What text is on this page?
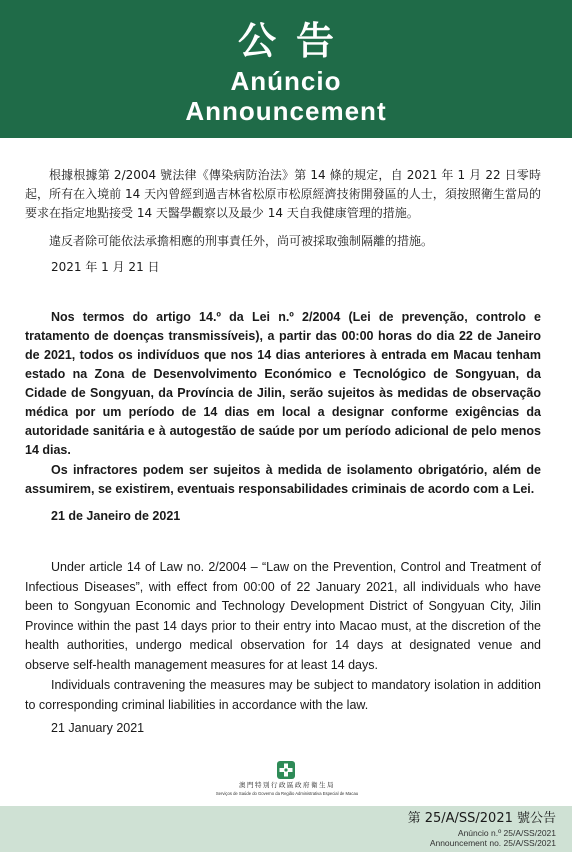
公告
Anúncio
Announcement

根據根據第 2/2004 號法律《傳染病防治法》第 14 條的規定，自 2021 年 1 月 22 日零時起，所有在入境前 14 天內曾經到過吉林省松原市松原經濟技術開發區的人士，須按照衛生當局的要求在指定地點接受 14 天醫學觀察以及最少 14 天自我健康管理的措施。

違反者除可能依法承擔相應的刑事責任外，尚可被採取強制隔離的措施。

2021 年 1 月 21 日

Nos termos do artigo 14.º da Lei n.º 2/2004 (Lei de prevenção, controlo e tratamento de doenças transmissíveis), a partir das 00:00 horas do dia 22 de Janeiro de 2021, todos os indivíduos que nos 14 dias anteriores à entrada em Macau tenham estado na Zona de Desenvolvimento Económico e Tecnológico de Songyuan, da Cidade de Songyuan, da Província de Jilin, serão sujeitos às medidas de observação médica por um período de 14 dias em local a designar conforme exigências da autoridade sanitária e à autogestão de saúde por um período adicional de pelo menos 14 dias.

Os infractores podem ser sujeitos à medida de isolamento obrigatório, além de assumirem, se existirem, eventuais responsabilidades criminais de acordo com a Lei.

21 de Janeiro de 2021

Under article 14 of Law no. 2/2004 – “Law on the Prevention, Control and Treatment of Infectious Diseases”, with effect from 00:00 of 22 January 2021, all individuals who have been to Songyuan Economic and Technology Development District of Songyuan City, Jilin Province within the past 14 days prior to their entry into Macao must, at the discretion of the health authorities, undergo medical observation for 14 days at designated venue and observe self-health management measures for at least 14 days.

Individuals contravening the measures may be subject to mandatory isolation in addition to corresponding criminal liabilities in accordance with the law.

21 January 2021
澳門特別行政區政府衛生局
Serviços de Saúde do Governo da Região Administrativa Especial de Macau
第 25/A/SS/2021 號公告
Anúncio n.º 25/A/SS/2021
Announcement no. 25/A/SS/2021
